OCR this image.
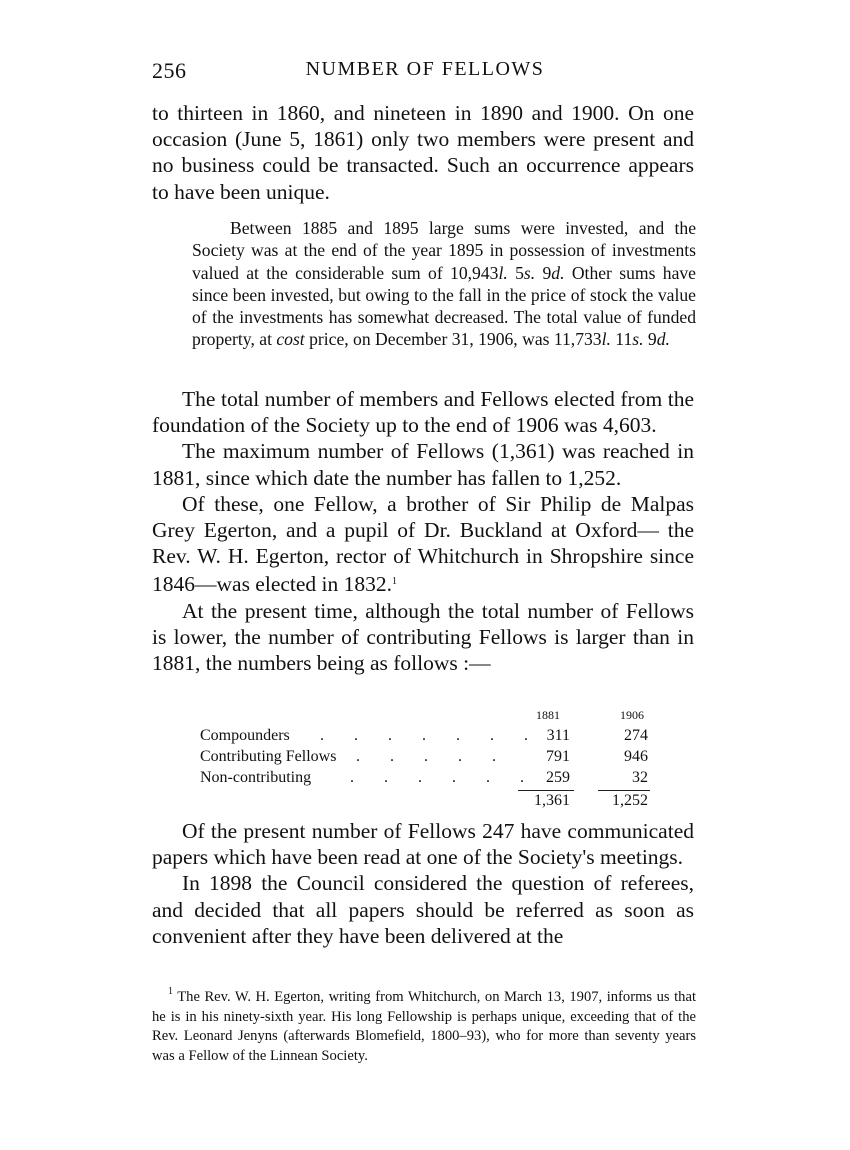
256	NUMBER OF FELLOWS

to thirteen in 1860, and nineteen in 1890 and 1900. On one occasion (June 5, 1861) only two members were present and no business could be transacted. Such an occurrence appears to have been unique.

Between 1885 and 1895 large sums were invested, and the Society was at the end of the year 1895 in possession of investments valued at the considerable sum of 10,943l. 5s. 9d. Other sums have since been invested, but owing to the fall in the price of stock the value of the investments has somewhat decreased. The total value of funded property, at cost price, on December 31, 1906, was 11,733l. 11s. 9d.

The total number of members and Fellows elected from the foundation of the Society up to the end of 1906 was 4,603.

The maximum number of Fellows (1,361) was reached in 1881, since which date the number has fallen to 1,252.

Of these, one Fellow, a brother of Sir Philip de Malpas Grey Egerton, and a pupil of Dr. Buckland at Oxford— the Rev. W. H. Egerton, rector of Whitchurch in Shropshire since 1846—was elected in 1832.$^1$

At the present time, although the total number of Fellows is lower, the number of contributing Fellows is larger than in 1881, the numbers being as follows :—

1881	1906
Compounders . . . . . . . 311	274
Contributing Fellows . . . . .	791	946
Non-contributing . . . . . . 259	32
1,361	1,252

Of the present number of Fellows 247 have communicated papers which have been read at one of the Society's meetings.

In 1898 the Council considered the question of referees, and decided that all papers should be referred as soon as convenient after they have been delivered at the

$^1$ The Rev. W. H. Egerton, writing from Whitchurch, on March 13, 1907, informs us that he is in his ninety-sixth year. His long Fellowship is perhaps unique, exceeding that of the Rev. Leonard Jenyns (afterwards Blomefield, 1800–93), who for more than seventy years was a Fellow of the Linnean Society.
